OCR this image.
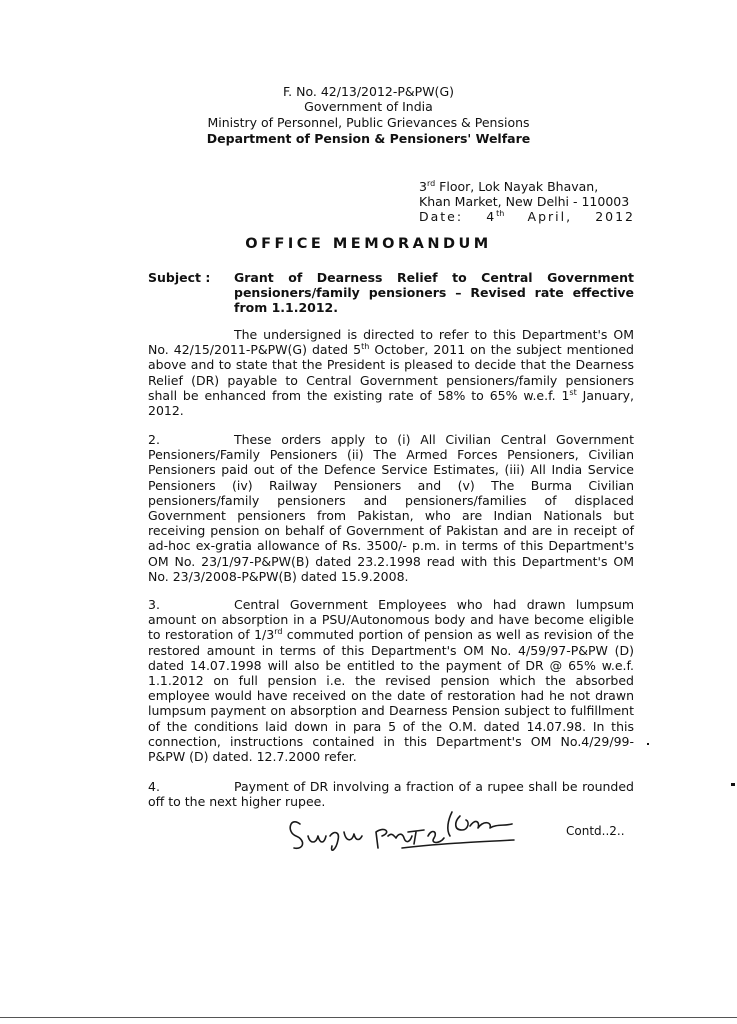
F. No. 42/13/2012-P&PW(G)
Government of India
Ministry of Personnel, Public Grievances & Pensions
Department of Pension & Pensioners' Welfare
3rd Floor, Lok Nayak Bhavan,
Khan Market, New Delhi - 110003
Date: 4th April, 2012
OFFICE MEMORANDUM
Subject : Grant of Dearness Relief to Central Government pensioners/family pensioners – Revised rate effective from 1.1.2012.
The undersigned is directed to refer to this Department's OM No. 42/15/2011-P&PW(G) dated 5th October, 2011 on the subject mentioned above and to state that the President is pleased to decide that the Dearness Relief (DR) payable to Central Government pensioners/family pensioners shall be enhanced from the existing rate of 58% to 65% w.e.f. 1st January, 2012.
2.	These orders apply to (i) All Civilian Central Government Pensioners/Family Pensioners (ii) The Armed Forces Pensioners, Civilian Pensioners paid out of the Defence Service Estimates, (iii) All India Service Pensioners (iv) Railway Pensioners and (v) The Burma Civilian pensioners/family pensioners and pensioners/families of displaced Government pensioners from Pakistan, who are Indian Nationals but receiving pension on behalf of Government of Pakistan and are in receipt of ad-hoc ex-gratia allowance of Rs. 3500/- p.m. in terms of this Department's OM No. 23/1/97-P&PW(B) dated 23.2.1998 read with this Department's OM No. 23/3/2008-P&PW(B) dated 15.9.2008.
3.	Central Government Employees who had drawn lumpsum amount on absorption in a PSU/Autonomous body and have become eligible to restoration of 1/3rd commuted portion of pension as well as revision of the restored amount in terms of this Department's OM No. 4/59/97-P&PW (D) dated 14.07.1998 will also be entitled to the payment of DR @ 65% w.e.f. 1.1.2012 on full pension i.e. the revised pension which the absorbed employee would have received on the date of restoration had he not drawn lumpsum payment on absorption and Dearness Pension subject to fulfillment of the conditions laid down in para 5 of the O.M. dated 14.07.98. In this connection, instructions contained in this Department's OM No.4/29/99-P&PW (D) dated. 12.7.2000 refer.
4.	Payment of DR involving a fraction of a rupee shall be rounded off to the next higher rupee.
Contd..2..
